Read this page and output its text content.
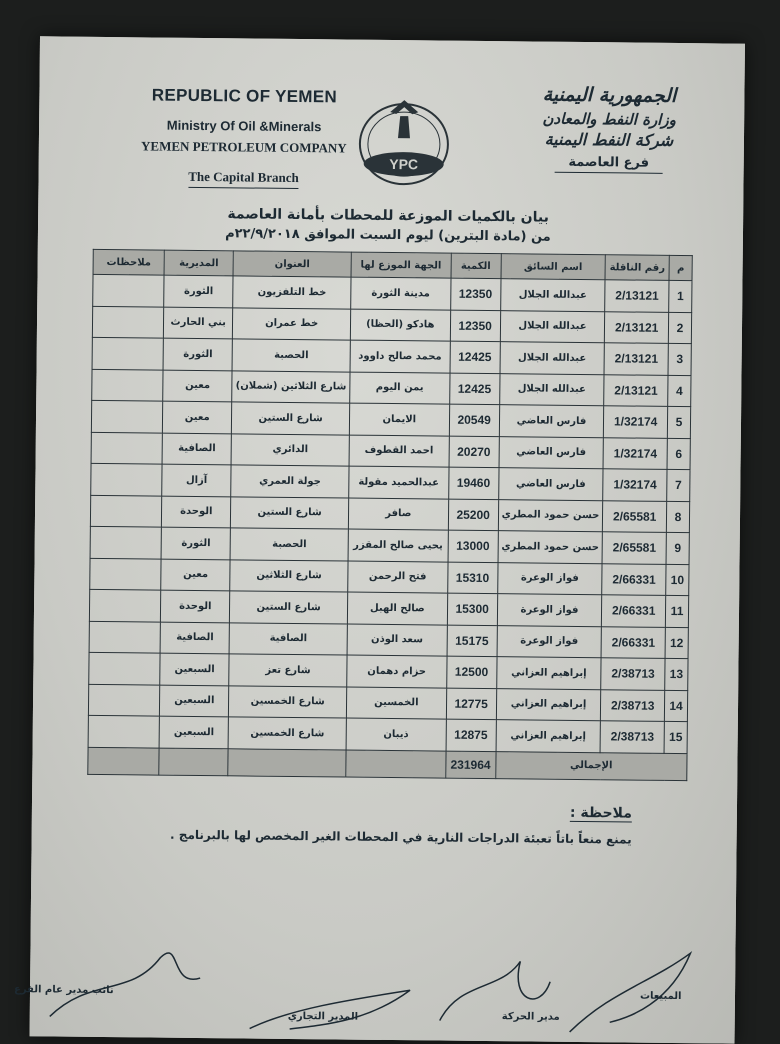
REPUBLIC OF YEMEN
Ministry Of Oil &Minerals
YEMEN PETROLEUM COMPANY
The Capital Branch
YPC
الجمهورية اليمنية
وزارة النفط والمعادن
شركة النفط اليمنية
فرع العاصمة
بيان بالكميات الموزعة للمحطات بأمانة العاصمة
من (مادة البترين) ليوم السبت الموافق ٢٢/٩/٢٠١٨م
م	رقم الناقلة	اسم السائق	الكمية	الجهة الموزع لها	العنوان	المديرية	ملاحظات
1	2/13121	عبدالله الجلال	12350	مدينة الثورة	خط التلفزيون	الثورة	
2	2/13121	عبدالله الجلال	12350	هادكو (الحظا)	خط عمران	بني الحارث	
3	2/13121	عبدالله الجلال	12425	محمد صالح داوود	الحصبة	الثورة	
4	2/13121	عبدالله الجلال	12425	يمن اليوم	شارع الثلاثين (شملان)	معين	
5	1/32174	فارس العاضي	20549	الايمان	شارع الستين	معين	
6	1/32174	فارس العاضي	20270	احمد القطوف	الدائري	الصافية	
7	1/32174	فارس العاضي	19460	عبدالحميد مقولة	جولة العمري	آزال	
8	2/65581	حسن حمود المطري	25200	صافر	شارع الستين	الوحدة	
9	2/65581	حسن حمود المطري	13000	يحيى صالح المقزر	الحصبة	الثورة	
10	2/66331	فواز الوعرة	15310	فتح الرحمن	شارع الثلاثين	معين	
11	2/66331	فواز الوعرة	15300	صالح الهبل	شارع الستين	الوحدة	
12	2/66331	فواز الوعرة	15175	سعد الوذن	الصافية	الصافية	
13	2/38713	إبراهيم العزاني	12500	حزام دهمان	شارع تعز	السبعين	
14	2/38713	إبراهيم العزاني	12775	الخمسين	شارع الخمسين	السبعين	
15	2/38713	إبراهيم العزاني	12875	ذيبان	شارع الخمسين	السبعين	
الإجمالي			231964				
ملاحظة :
يمنع منعاً باتاً تعبئة الدراجات النارية في المحطات الغير المخصص لها بالبرنامج .
المبيعات
مدير الحركة
المدير التجاري
نائب مدير عام الفرع
